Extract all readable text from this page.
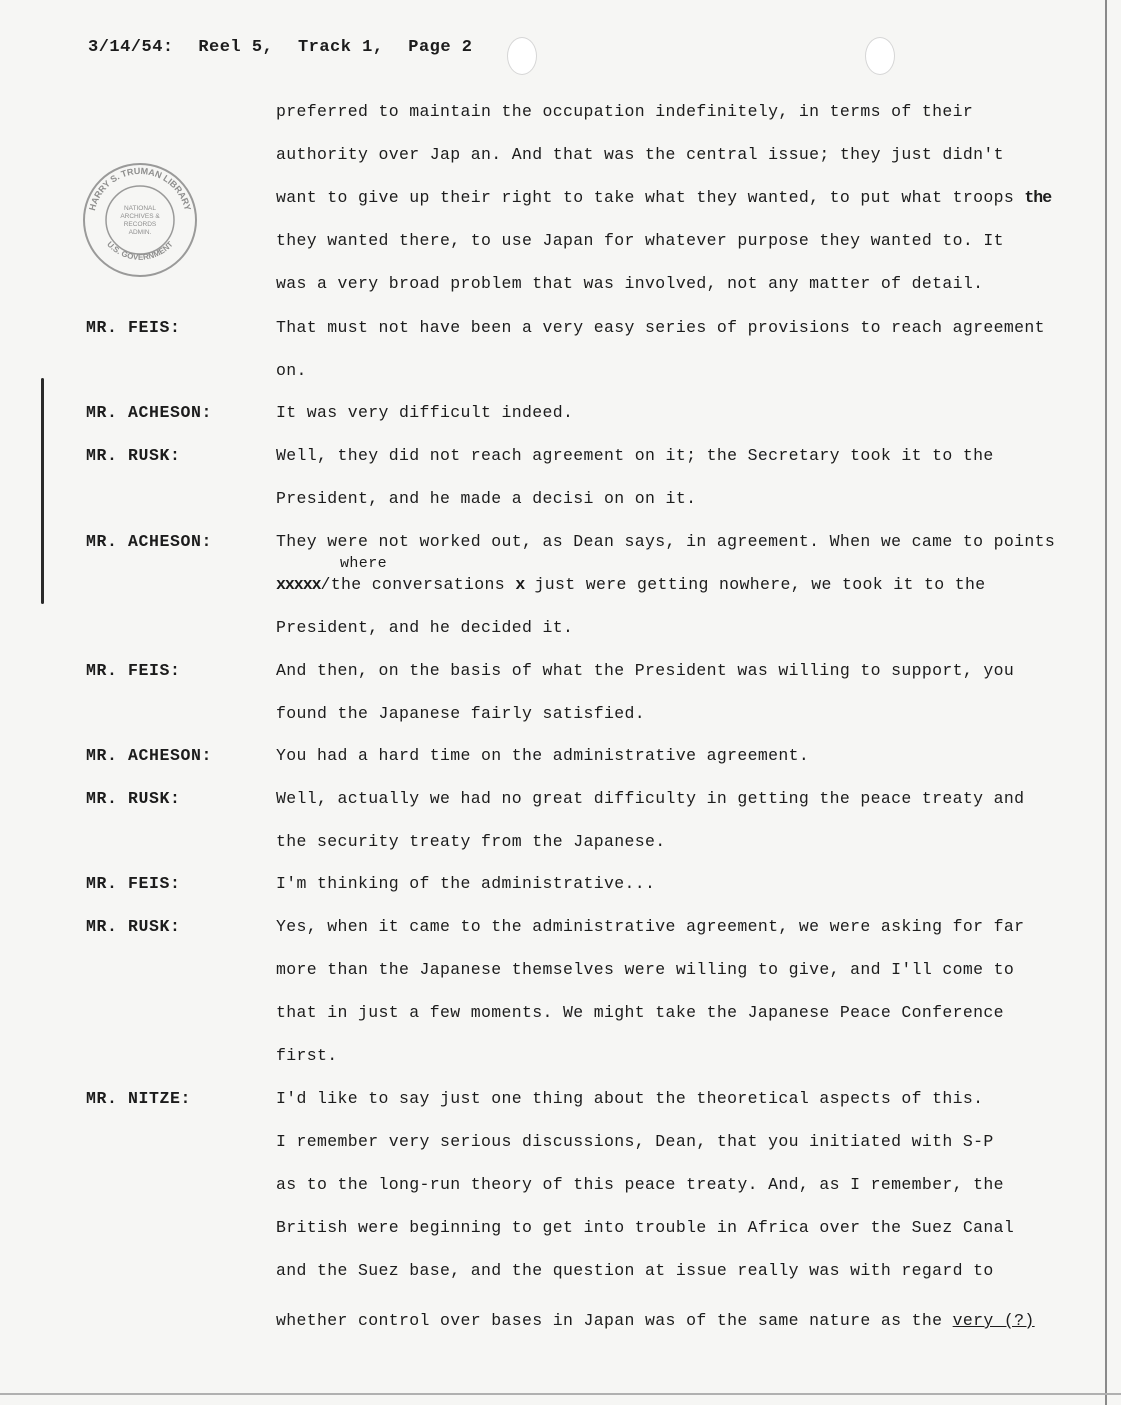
3/14/54: Reel 5, Track 1, Page 2
HARRY S. TRUMAN LIBRARY
U.S. GOVERNMENT
NATIONAL
ARCHIVES &
RECORDS
ADMIN.
preferred to maintain the occupation indefinitely, in terms of their
authority over Jap an. And that was the central issue; they just didn't
want to give up their right to take what they wanted, to put what troops the
they wanted there, to use Japan for whatever purpose they wanted to. It
was a very broad problem that was involved, not any matter of detail.
MR. FEIS:	That must not have been a very easy series of provisions to reach agreement
on.
MR. ACHESON:	It was very difficult indeed.
MR. RUSK:	Well, they did not reach agreement on it; the Secretary took it to the
President, and he made a decisi on on it.
MR. ACHESON:	They were not worked out, as Dean says, in agreement. When we came to points
where
xxxxx/the conversations x just were getting nowhere, we took it to the
President, and he decided it.
MR. FEIS:	And then, on the basis of what the President was willing to support, you
found the Japanese fairly satisfied.
MR. ACHESON:	You had a hard time on the administrative agreement.
MR. RUSK:	Well, actually we had no great difficulty in getting the peace treaty and
the security treaty from the Japanese.
MR. FEIS:	I'm thinking of the administrative...
MR. RUSK:	Yes, when it came to the administrative agreement, we were asking for far
more than the Japanese themselves were willing to give, and I'll come to
that in just a few moments. We might take the Japanese Peace Conference
first.
MR. NITZE:	I'd like to say just one thing about the theoretical aspects of this.
I remember very serious discussions, Dean, that you initiated with S-P
as to the long-run theory of this peace treaty. And, as I remember, the
British were beginning to get into trouble in Africa over the Suez Canal
and the Suez base, and the question at issue really was with regard to
whether control over bases in Japan was of the same nature as the very (?)
